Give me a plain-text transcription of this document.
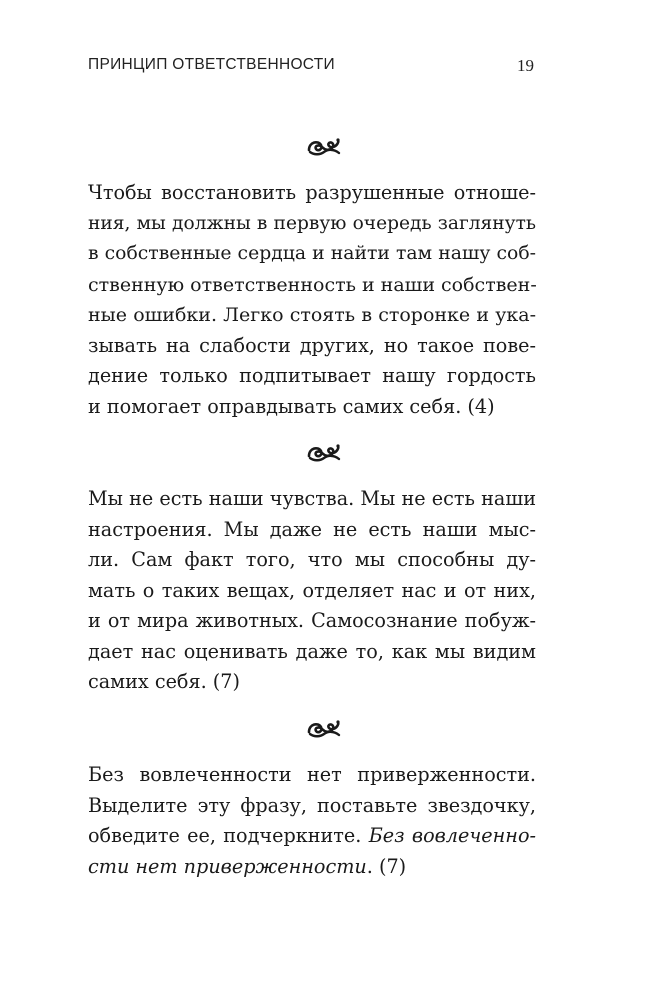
ПРИНЦИП ОТВЕТСТВЕННОСТИ	19
Чтобы восстановить разрушенные отноше-
ния, мы должны в первую очередь заглянуть
в собственные сердца и найти там нашу соб-
ственную ответственность и наши собствен-
ные ошибки. Легко стоять в сторонке и ука-
зывать на слабости других, но такое пове-
дение только подпитывает нашу гордость
и помогает оправдывать самих себя. (4)
Мы не есть наши чувства. Мы не есть наши
настроения. Мы даже не есть наши мыс-
ли. Сам факт того, что мы способны ду-
мать о таких вещах, отделяет нас и от них,
и от мира животных. Самосознание побуж-
дает нас оценивать даже то, как мы видим
самих себя. (7)
Без вовлеченности нет приверженности.
Выделите эту фразу, поставьте звездочку,
обведите ее, подчеркните. Без вовлеченно-
сти нет приверженности. (7)
